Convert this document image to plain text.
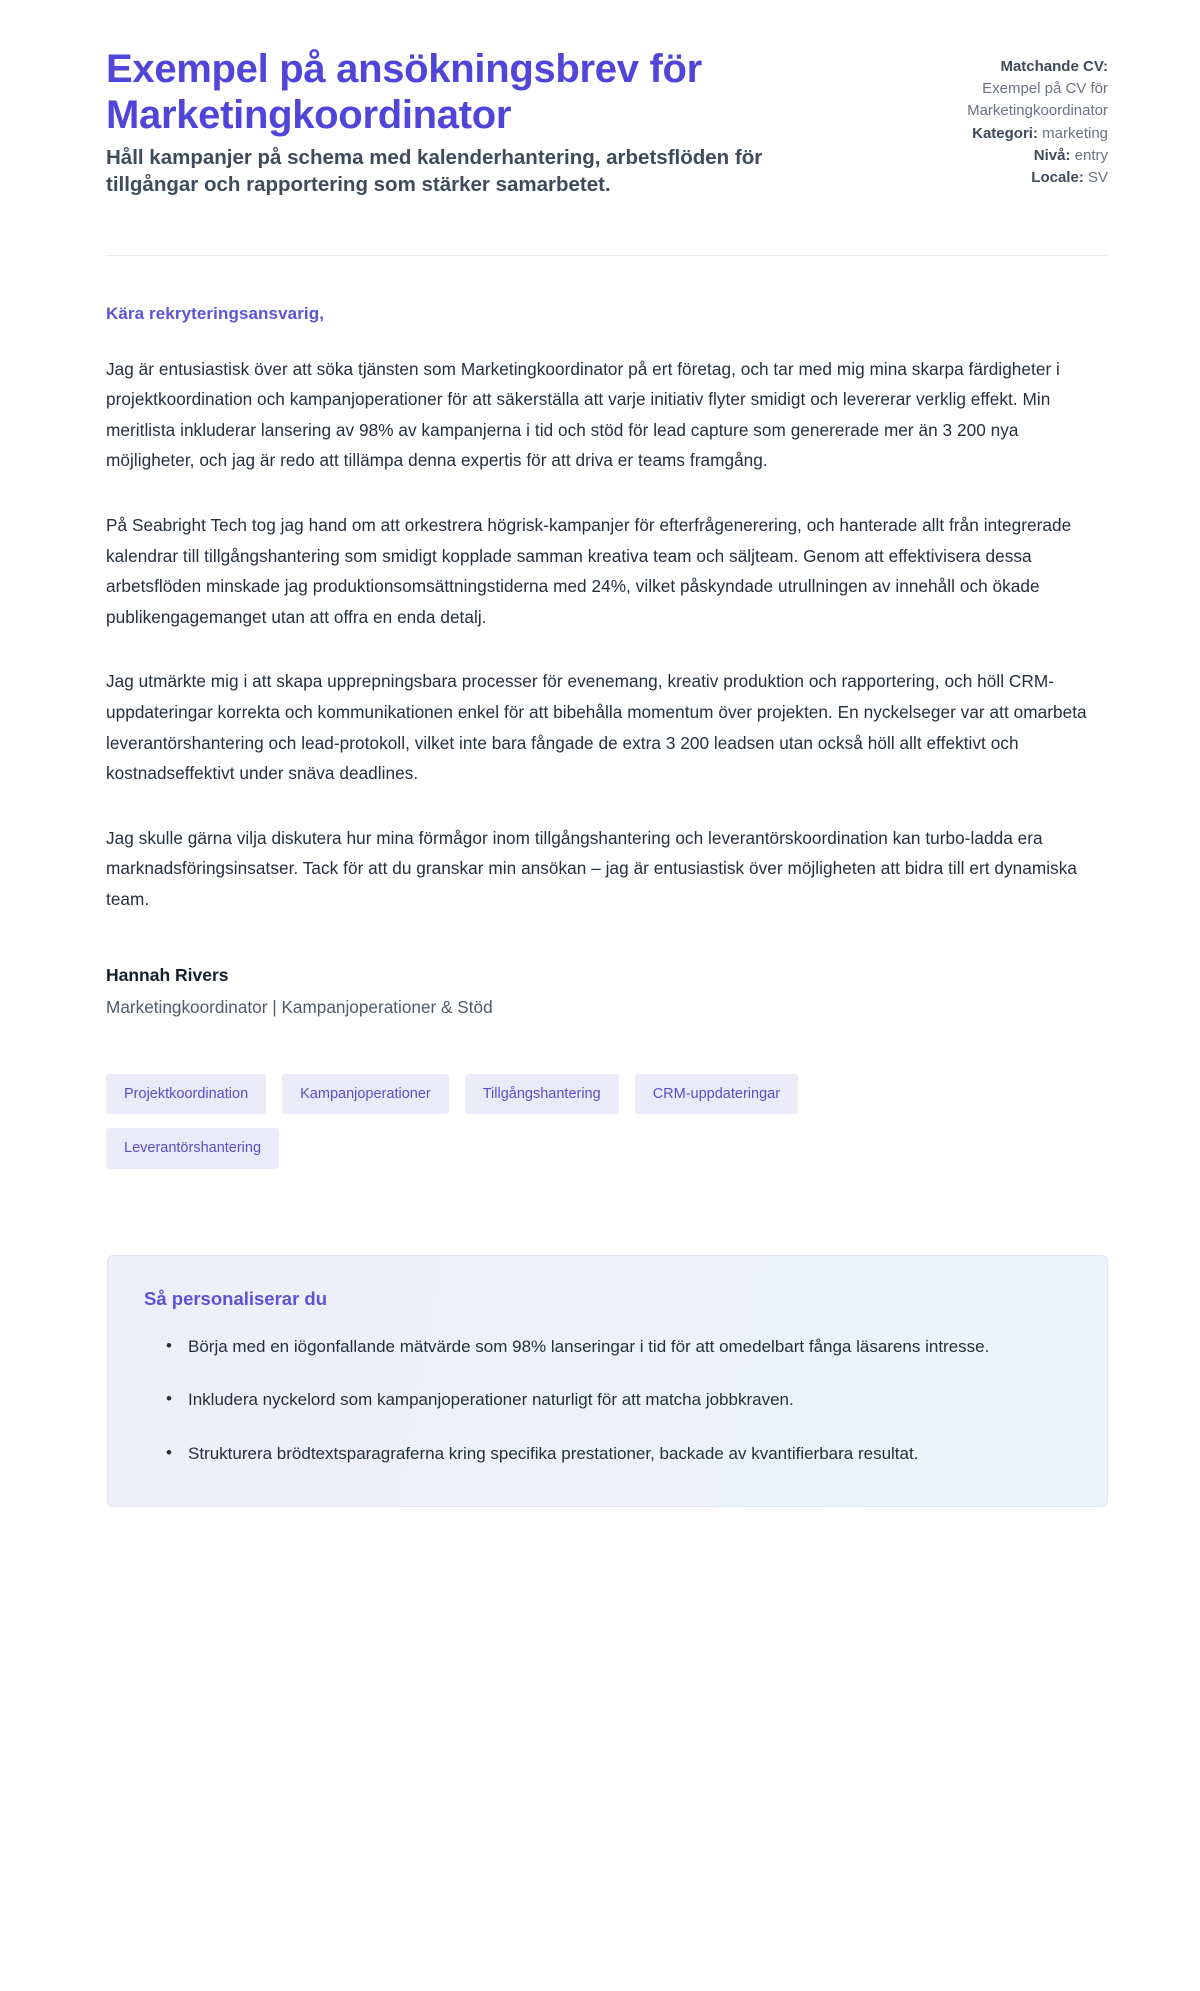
Exempel på ansökningsbrev för Marketingkoordinator

Håll kampanjer på schema med kalenderhantering, arbetsflöden för tillgångar och rapportering som stärker samarbetet.

Matchande CV:
Exempel på CV för Marketingkoordinator
Kategori: marketing
Nivå: entry
Locale: SV

Kära rekryteringsansvarig,

Jag är entusiastisk över att söka tjänsten som Marketingkoordinator på ert företag, och tar med mig mina skarpa färdigheter i projektkoordination och kampanjoperationer för att säkerställa att varje initiativ flyter smidigt och levererar verklig effekt. Min meritlista inkluderar lansering av 98% av kampanjerna i tid och stöd för lead capture som genererade mer än 3 200 nya möjligheter, och jag är redo att tillämpa denna expertis för att driva er teams framgång.

På Seabright Tech tog jag hand om att orkestrera högrisk-kampanjer för efterfrågenerering, och hanterade allt från integrerade kalendrar till tillgångshantering som smidigt kopplade samman kreativa team och säljteam. Genom att effektivisera dessa arbetsflöden minskade jag produktionsomsättningstiderna med 24%, vilket påskyndade utrullningen av innehåll och ökade publikengagemanget utan att offra en enda detalj.

Jag utmärkte mig i att skapa upprepningsbara processer för evenemang, kreativ produktion och rapportering, och höll CRM-uppdateringar korrekta och kommunikationen enkel för att bibehålla momentum över projekten. En nyckelseger var att omarbeta leverantörshantering och lead-protokoll, vilket inte bara fångade de extra 3 200 leadsen utan också höll allt effektivt och kostnadseffektivt under snäva deadlines.

Jag skulle gärna vilja diskutera hur mina förmågor inom tillgångshantering och leverantörskoordination kan turbo-ladda era marknadsföringsinsatser. Tack för att du granskar min ansökan – jag är entusiastisk över möjligheten att bidra till ert dynamiska team.

Hannah Rivers

Marketingkoordinator | Kampanjoperationer & Stöd

Projektkoordination	Kampanjoperationer	Tillgångshantering	CRM-uppdateringar
Leverantörshantering
Så personaliserar du
• Börja med en iögonfallande mätvärde som 98% lanseringar i tid för att omedelbart fånga läsarens intresse.
• Inkludera nyckelord som kampanjoperationer naturligt för att matcha jobbkraven.
• Strukturera brödtextsparagraferna kring specifika prestationer, backade av kvantifierbara resultat.
